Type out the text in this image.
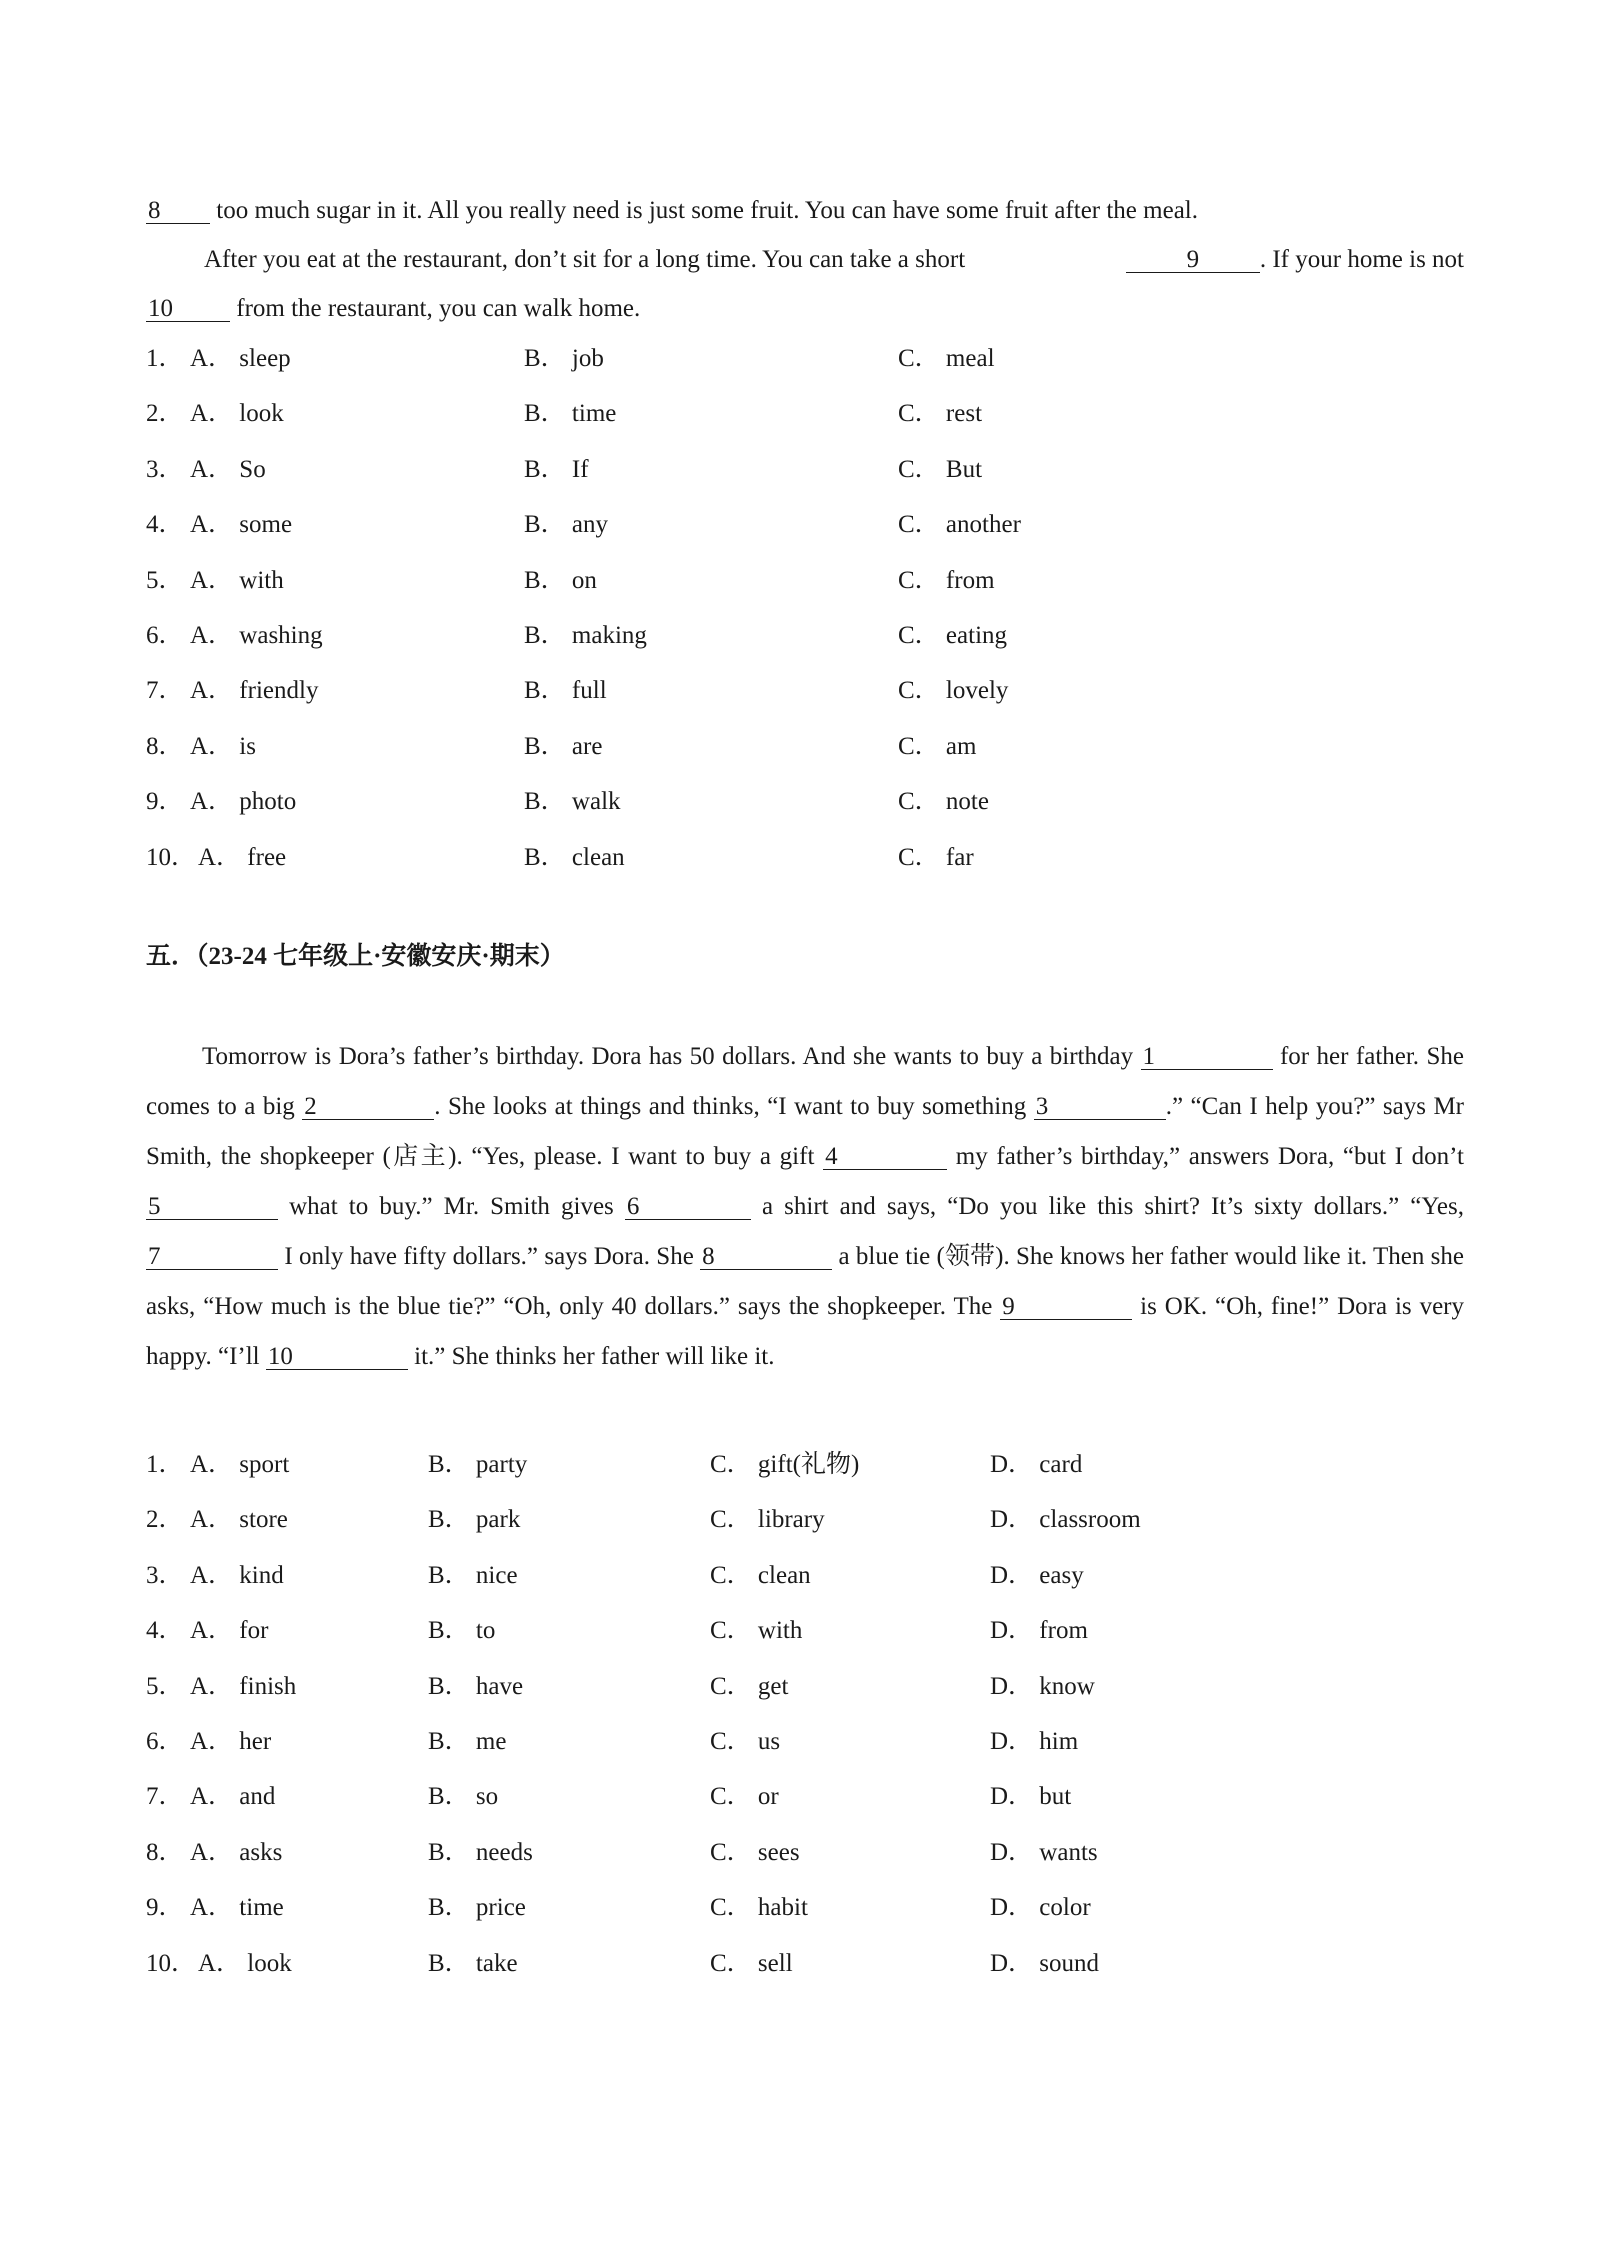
8 too much sugar in it. All you really need is just some fruit. You can have some fruit after the meal.
After you eat at the restaurant, don’t sit for a long time. You can take a short	9 . If your home is not
10 from the restaurant, you can walk home.
1． A． sleep	B． job	C． meal
2． A． look	B． time	C． rest
3． A． So	B． If	C． But
4． A． some	B． any	C． another
5． A． with	B． on	C． from
6． A． washing	B． making	C． eating
7． A． friendly	B． full	C． lovely
8． A． is	B． are	C． am
9． A． photo	B． walk	C． note
10． A． free	B． clean	C． far
五．（23-24 七年级上·安徽安庆·期末）
Tomorrow is Dora’s father’s birthday. Dora has 50 dollars. And she wants to buy a birthday 1	for her father. She comes to a big 2	. She looks at things and thinks, “I want to buy something 3	.” “Can I help you?” says Mr Smith, the shopkeeper (店主). “Yes, please. I want to buy a gift 4	my father’s birthday,” answers Dora, “but I don’t 5	what to buy.” Mr. Smith gives 6	a shirt and says, “Do you like this shirt? It’s sixty dollars.” “Yes, 7	I only have fifty dollars.” says Dora. She 8	a blue tie (领带). She knows her father would like it. Then she asks, “How much is the blue tie?” “Oh, only 40 dollars.” says the shopkeeper. The 9	is OK. “Oh, fine!” Dora is very happy. “I’ll 10	it.” She thinks her father will like it.
1． A． sport	B． party	C． gift(礼物)	D． card
2． A． store	B． park	C． library	D． classroom
3． A． kind	B． nice	C． clean	D． easy
4． A． for	B． to	C． with	D． from
5． A． finish	B． have	C． get	D． know
6． A． her	B． me	C． us	D． him
7． A． and	B． so	C． or	D． but
8． A． asks	B． needs	C． sees	D． wants
9． A． time	B． price	C． habit	D． color
10． A． look	B． take	C． sell	D． sound
